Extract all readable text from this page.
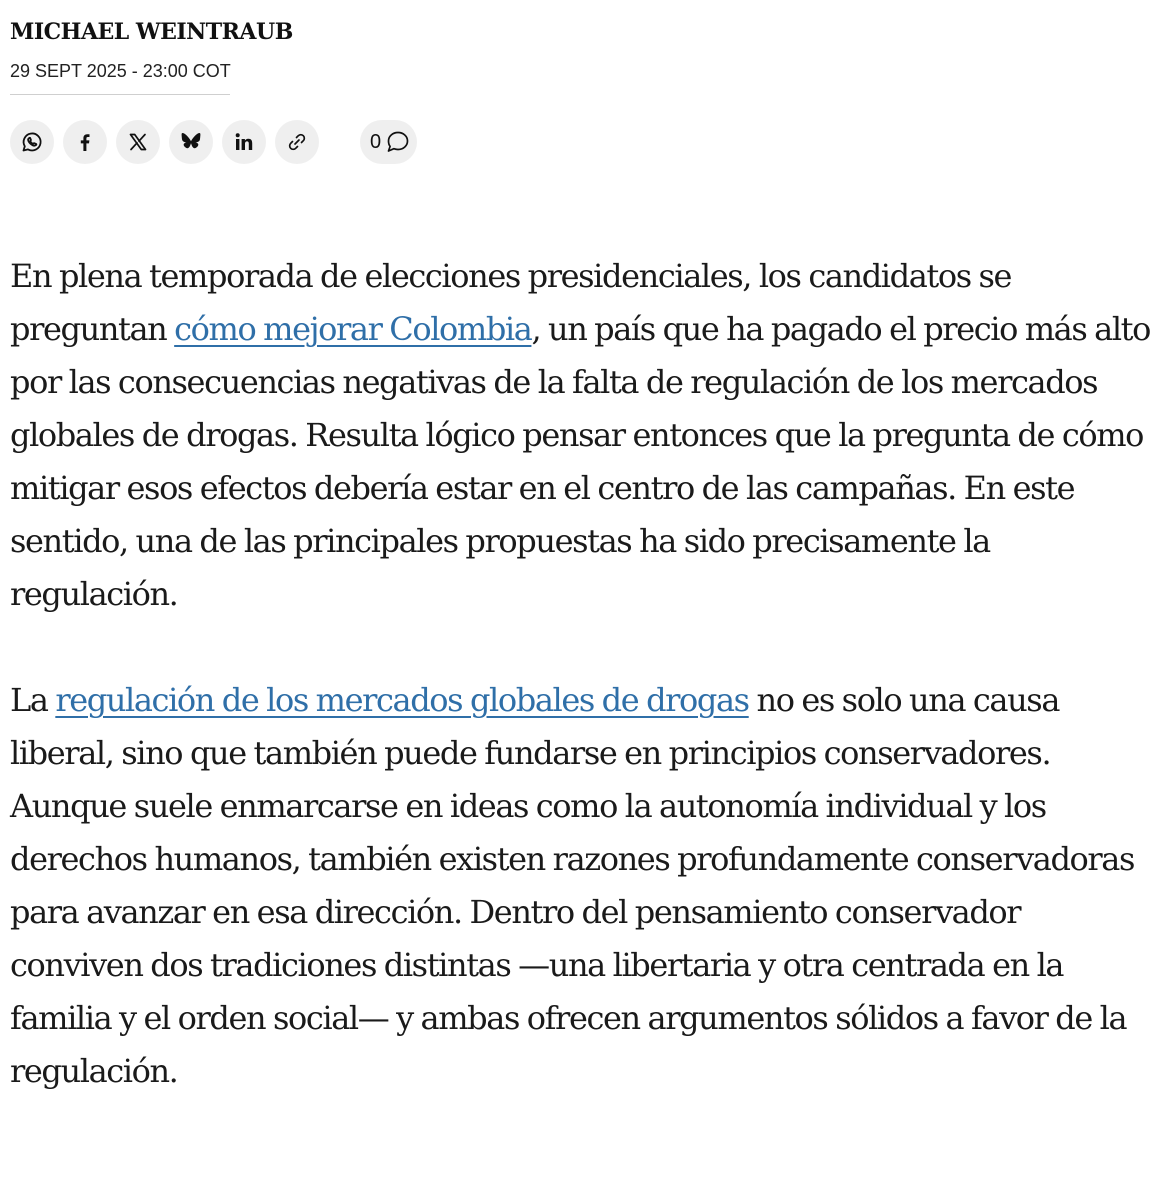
MICHAEL WEINTRAUB
29 SEPT 2025 - 23:00 COT
0

En plena temporada de elecciones presidenciales, los candidatos se preguntan cómo mejorar Colombia, un país que ha pagado el precio más alto por las consecuencias negativas de la falta de regulación de los mercados globales de drogas. Resulta lógico pensar entonces que la pregunta de cómo mitigar esos efectos debería estar en el centro de las campañas. En este sentido, una de las principales propuestas ha sido precisamente la regulación.

La regulación de los mercados globales de drogas no es solo una causa liberal, sino que también puede fundarse en principios conservadores. Aunque suele enmarcarse en ideas como la autonomía individual y los derechos humanos, también existen razones profundamente conservadoras para avanzar en esa dirección. Dentro del pensamiento conservador conviven dos tradiciones distintas —una libertaria y otra centrada en la familia y el orden social— y ambas ofrecen argumentos sólidos a favor de la regulación.
